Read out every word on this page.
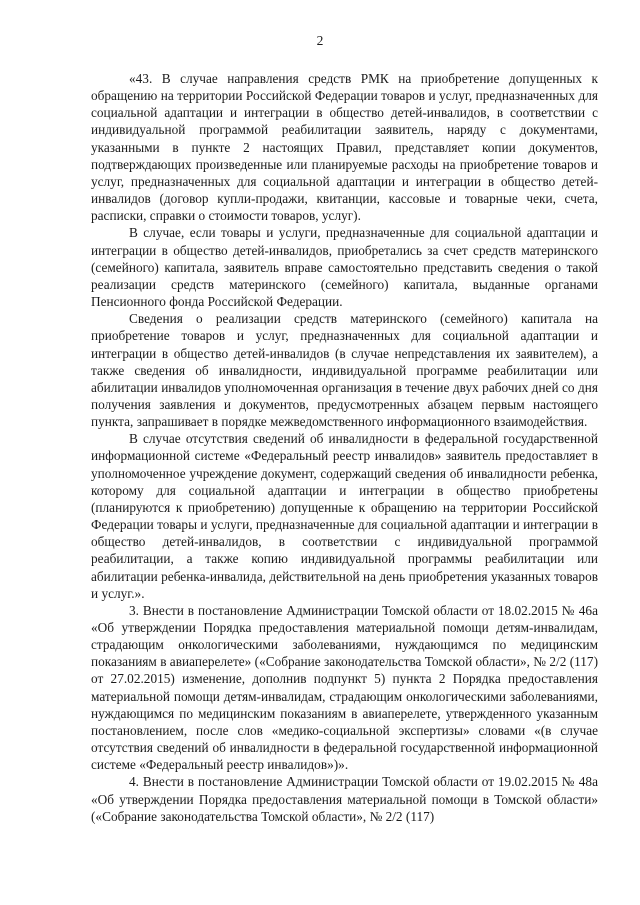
2

«43. В случае направления средств РМК на приобретение допущенных к обращению на территории Российской Федерации товаров и услуг, предназначенных для социальной адаптации и интеграции в общество детей-инвалидов, в соответствии с индивидуальной программой реабилитации заявитель, наряду с документами, указанными в пункте 2 настоящих Правил, представляет копии документов, подтверждающих произведенные или планируемые расходы на приобретение товаров и услуг, предназначенных для социальной адаптации и интеграции в общество детей-инвалидов (договор купли-продажи, квитанции, кассовые и товарные чеки, счета, расписки, справки о стоимости товаров, услуг).

В случае, если товары и услуги, предназначенные для социальной адаптации и интеграции в общество детей-инвалидов, приобретались за счет средств материнского (семейного) капитала, заявитель вправе самостоятельно представить сведения о такой реализации средств материнского (семейного) капитала, выданные органами Пенсионного фонда Российской Федерации.

Сведения о реализации средств материнского (семейного) капитала на приобретение товаров и услуг, предназначенных для социальной адаптации и интеграции в общество детей-инвалидов (в случае непредставления их заявителем), а также сведения об инвалидности, индивидуальной программе реабилитации или абилитации инвалидов уполномоченная организация в течение двух рабочих дней со дня получения заявления и документов, предусмотренных абзацем первым настоящего пункта, запрашивает в порядке межведомственного информационного взаимодействия.

В случае отсутствия сведений об инвалидности в федеральной государственной информационной системе «Федеральный реестр инвалидов» заявитель предоставляет в уполномоченное учреждение документ, содержащий сведения об инвалидности ребенка, которому для социальной адаптации и интеграции в общество приобретены (планируются к приобретению) допущенные к обращению на территории Российской Федерации товары и услуги, предназначенные для социальной адаптации и интеграции в общество детей-инвалидов, в соответствии с индивидуальной программой реабилитации, а также копию индивидуальной программы реабилитации или абилитации ребенка-инвалида, действительной на день приобретения указанных товаров и услуг.».

3. Внести в постановление Администрации Томской области от 18.02.2015 № 46а «Об утверждении Порядка предоставления материальной помощи детям-инвалидам, страдающим онкологическими заболеваниями, нуждающимся по медицинским показаниям в авиаперелете» («Собрание законодательства Томской области», № 2/2 (117) от 27.02.2015) изменение, дополнив подпункт 5) пункта 2 Порядка предоставления материальной помощи детям-инвалидам, страдающим онкологическими заболеваниями, нуждающимся по медицинским показаниям в авиаперелете, утвержденного указанным постановлением, после слов «медико-социальной экспертизы» словами «(в случае отсутствия сведений об инвалидности в федеральной государственной информационной системе «Федеральный реестр инвалидов»)».

4. Внести в постановление Администрации Томской области от 19.02.2015 № 48а «Об утверждении Порядка предоставления материальной помощи в Томской области» («Собрание законодательства Томской области», № 2/2 (117)
